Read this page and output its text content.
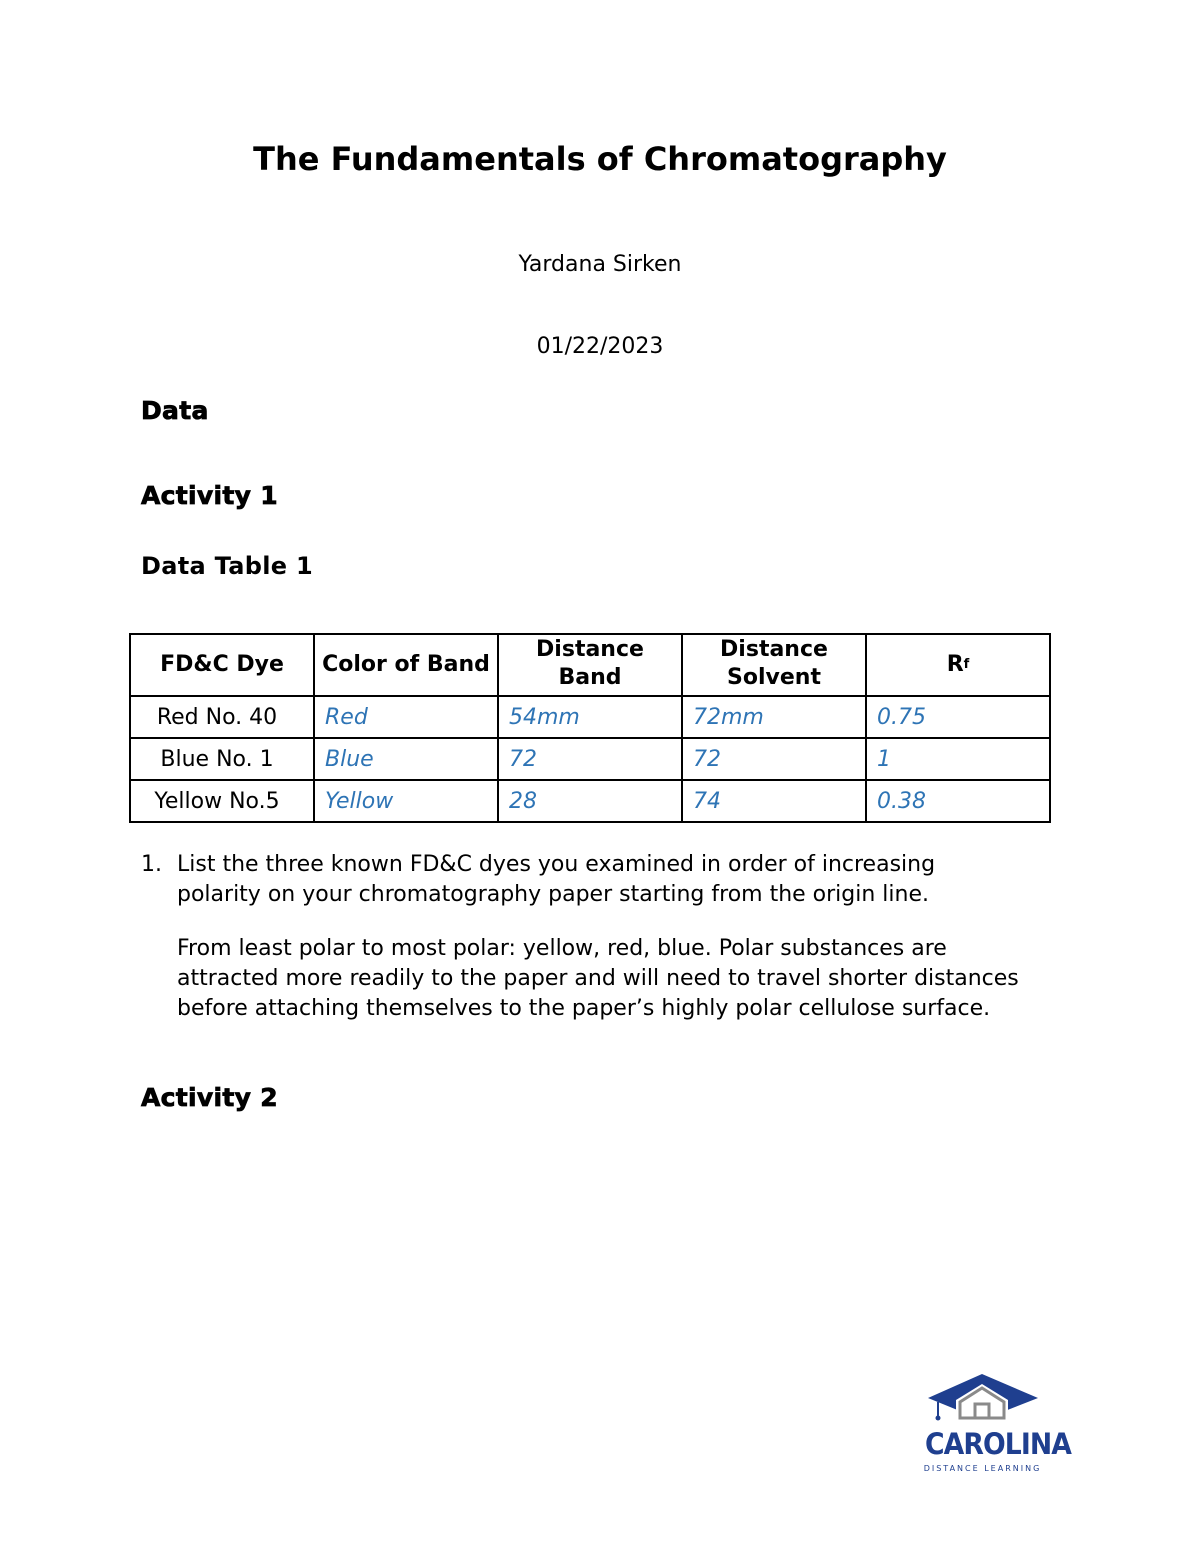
The Fundamentals of Chromatography
Yardana Sirken
01/22/2023
Data
Activity 1
Data Table 1
FD&C Dye	Color of Band	Distance Band	Distance Solvent	R f

Red No. 40	Red	54mm	72mm	0.75
Blue No. 1	Blue	72	72	1
Yellow No.5	Yellow	28	74	0.38
1. List the three known FD&C dyes you examined in order of increasing polarity on your chromatography paper starting from the origin line.
From least polar to most polar: yellow, red, blue. Polar substances are attracted more readily to the paper and will need to travel shorter distances before attaching themselves to the paper’s highly polar cellulose surface.
Activity 2
CAROLINA
DISTANCE LEARNING
